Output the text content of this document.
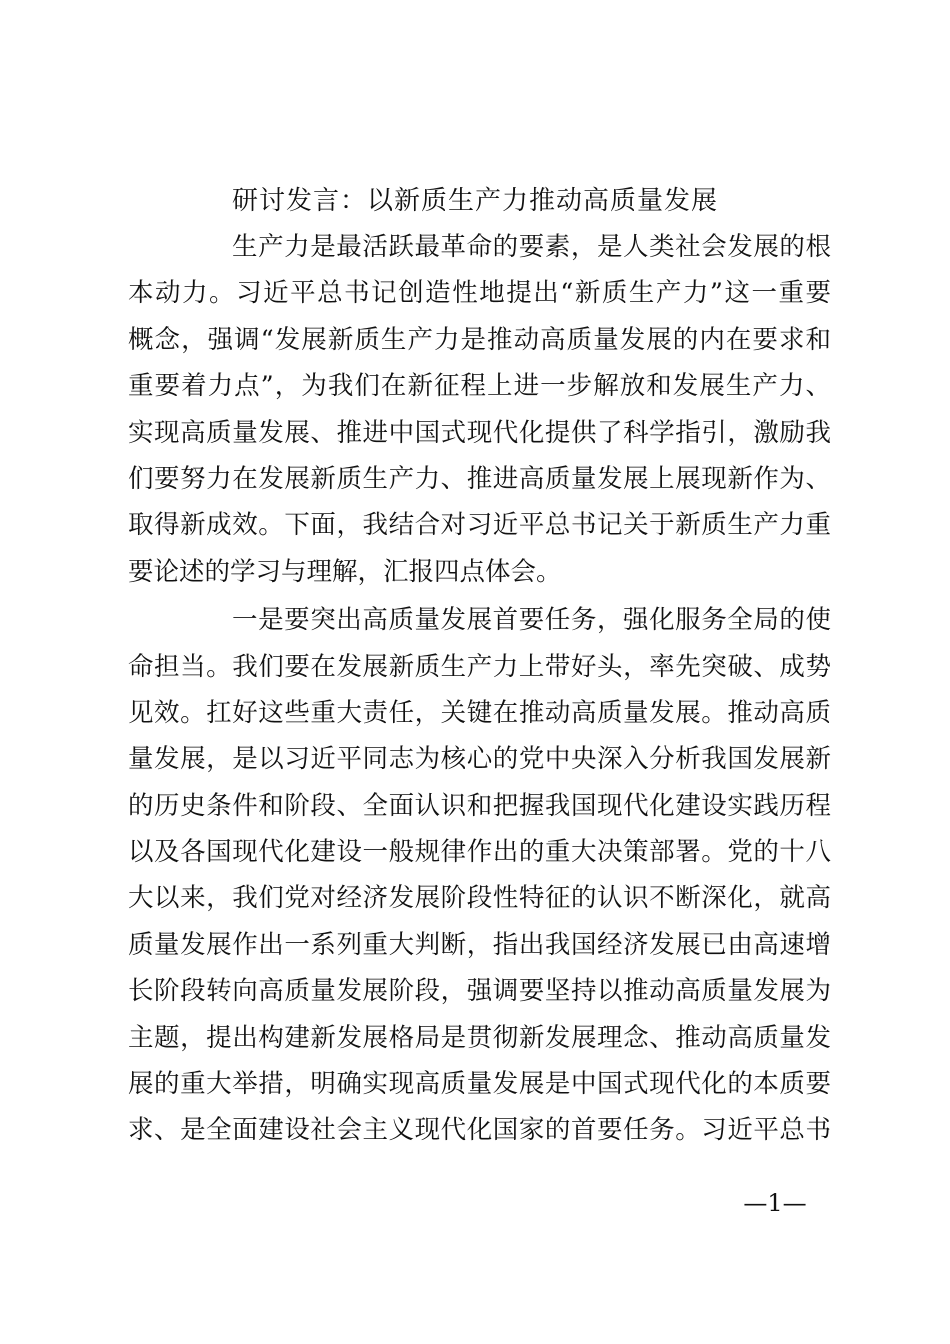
研讨发言：以新质生产力推动高质量发展
生产力是最活跃最革命的要素，是人类社会发展的根
本动力。习近平总书记创造性地提出“新质生产力”这一重要
概念，强调“发展新质生产力是推动高质量发展的内在要求和
重要着力点”，为我们在新征程上进一步解放和发展生产力、
实现高质量发展、推进中国式现代化提供了科学指引，激励我
们要努力在发展新质生产力、推进高质量发展上展现新作为、
取得新成效。下面，我结合对习近平总书记关于新质生产力重
要论述的学习与理解，汇报四点体会。
一是要突出高质量发展首要任务，强化服务全局的使
命担当。我们要在发展新质生产力上带好头，率先突破、成势
见效。扛好这些重大责任，关键在推动高质量发展。推动高质
量发展，是以习近平同志为核心的党中央深入分析我国发展新
的历史条件和阶段、全面认识和把握我国现代化建设实践历程
以及各国现代化建设一般规律作出的重大决策部署。党的十八
大以来，我们党对经济发展阶段性特征的认识不断深化，就高
质量发展作出一系列重大判断，指出我国经济发展已由高速增
长阶段转向高质量发展阶段，强调要坚持以推动高质量发展为
主题，提出构建新发展格局是贯彻新发展理念、推动高质量发
展的重大举措，明确实现高质量发展是中国式现代化的本质要
求、是全面建设社会主义现代化国家的首要任务。习近平总书
—1—
